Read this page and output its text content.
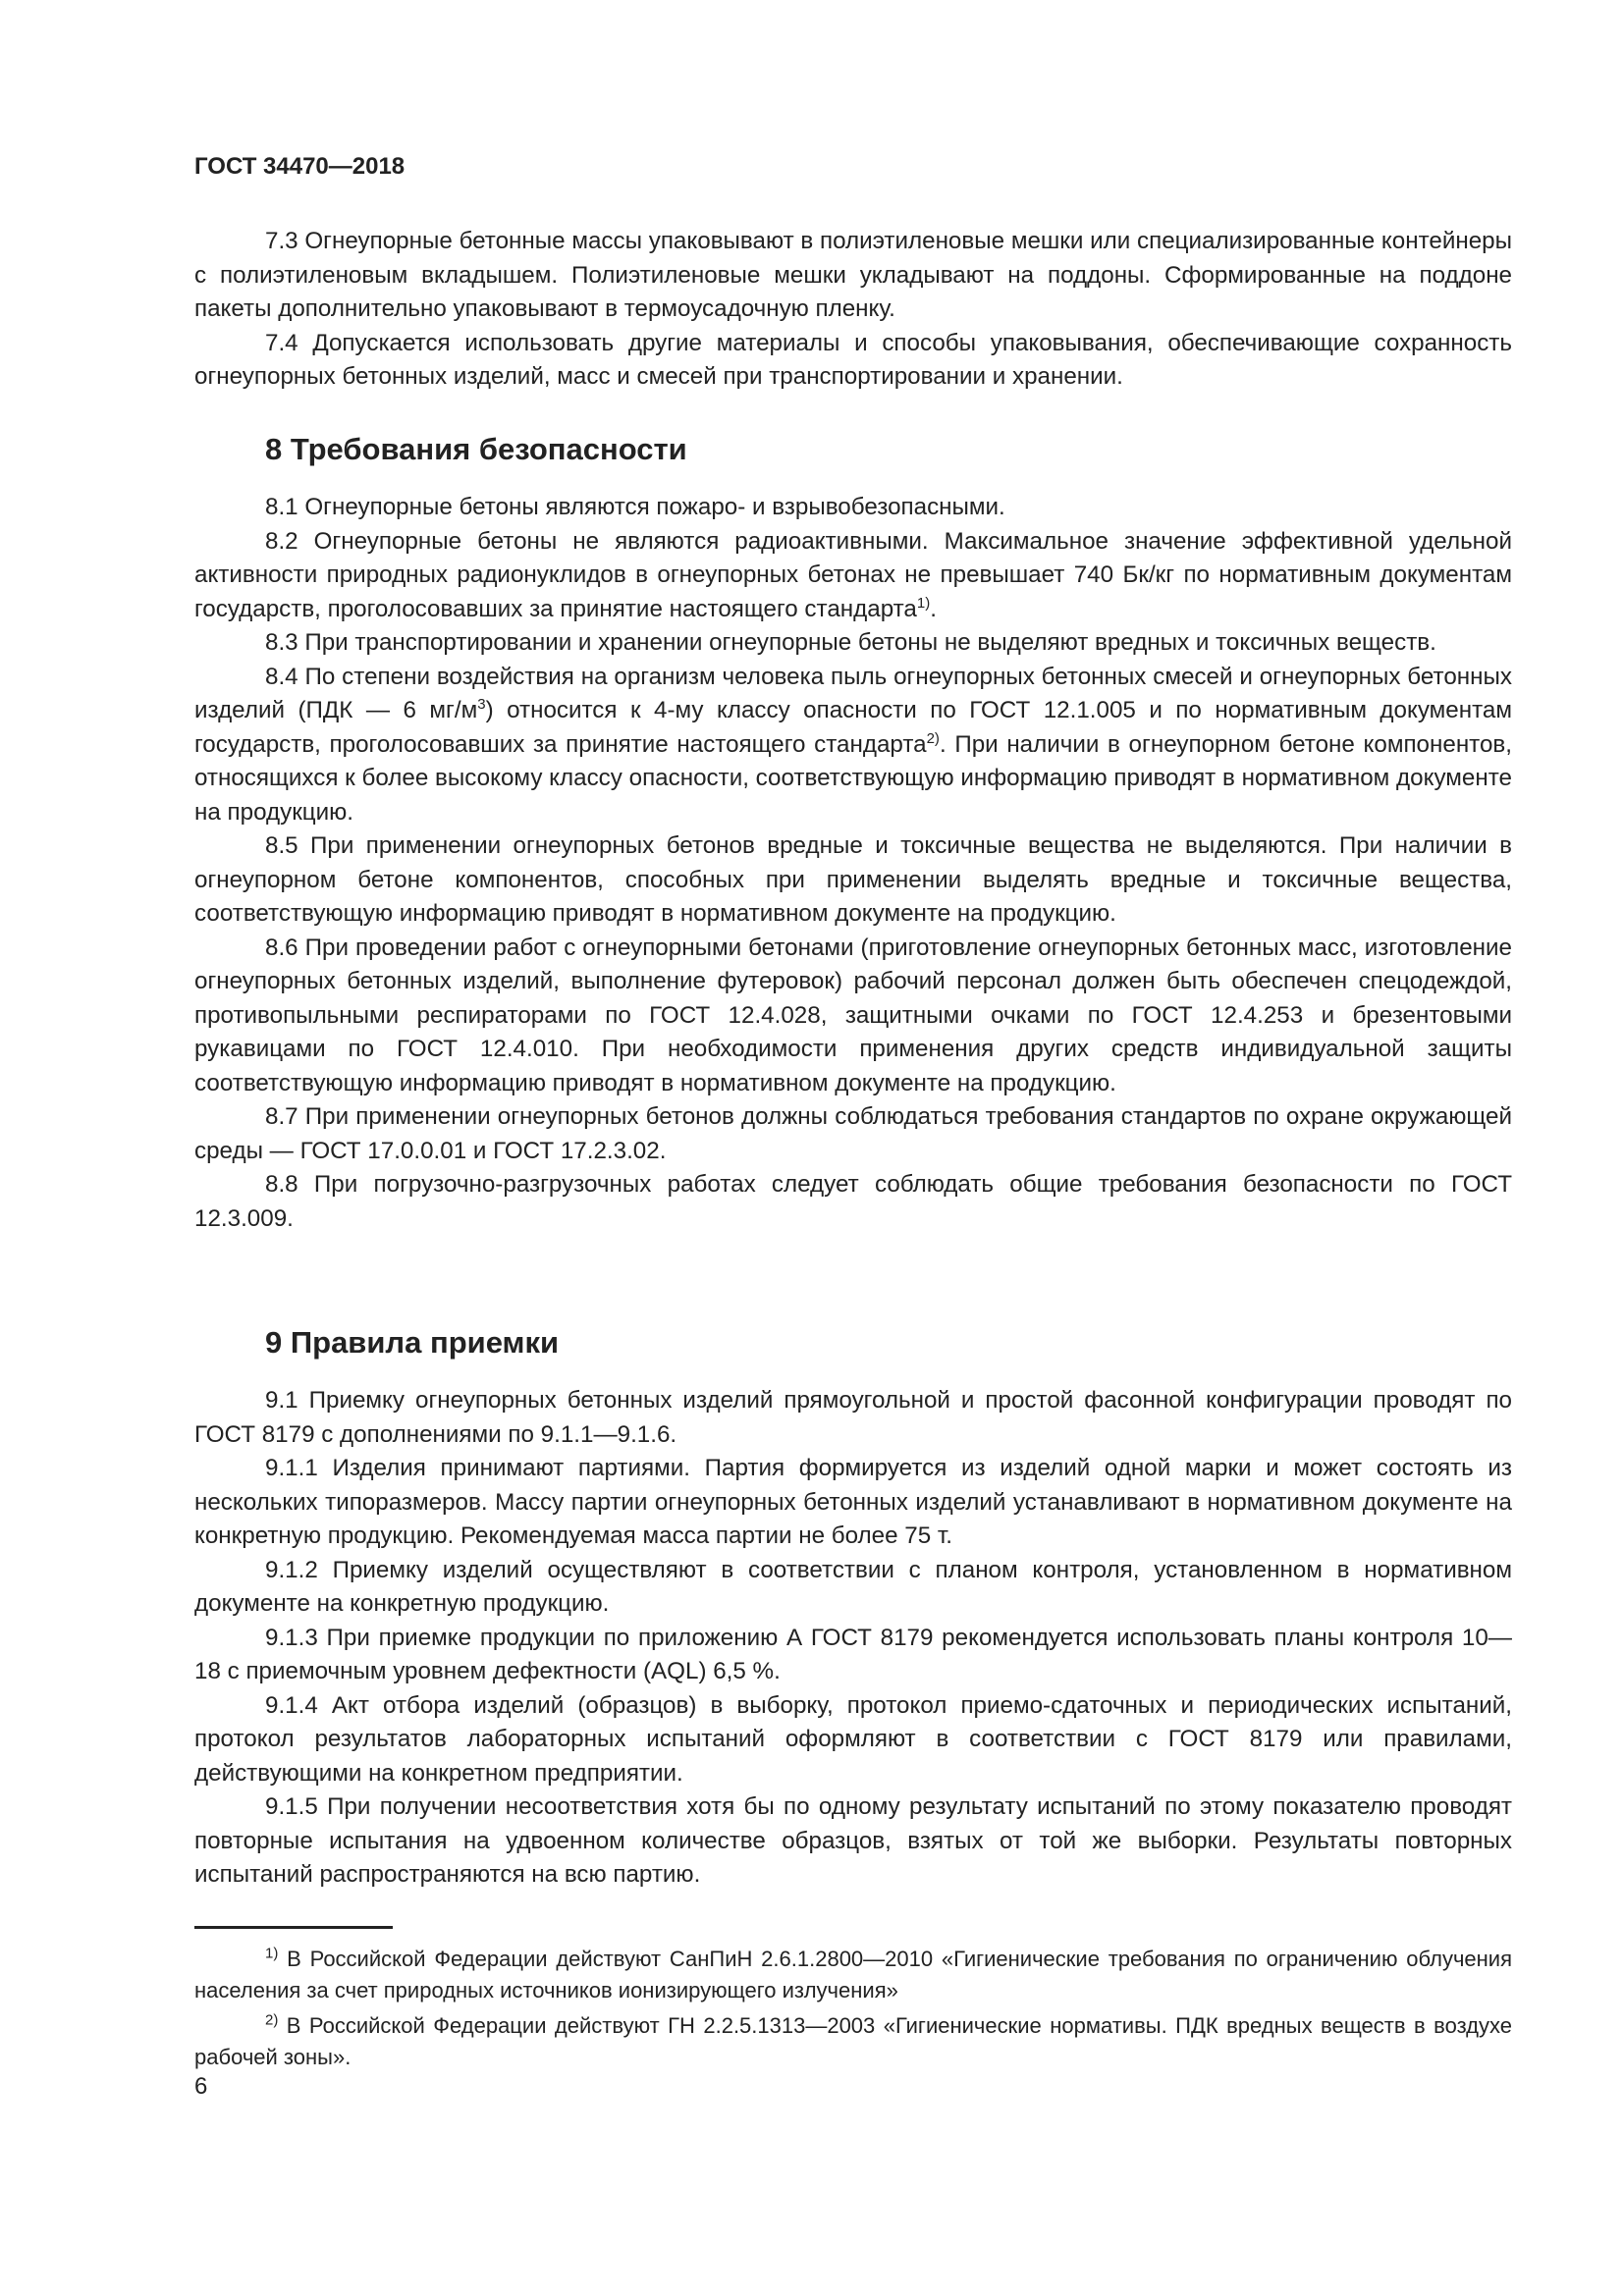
ГОСТ 34470—2018

7.3 Огнеупорные бетонные массы упаковывают в полиэтиленовые мешки или специализированные контейнеры с полиэтиленовым вкладышем. Полиэтиленовые мешки укладывают на поддоны. Сформированные на поддоне пакеты дополнительно упаковывают в термоусадочную пленку.

7.4 Допускается использовать другие материалы и способы упаковывания, обеспечивающие сохранность огнеупорных бетонных изделий, масс и смесей при транспортировании и хранении.

8 Требования безопасности

8.1 Огнеупорные бетоны являются пожаро- и взрывобезопасными.

8.2 Огнеупорные бетоны не являются радиоактивными. Максимальное значение эффективной удельной активности природных радионуклидов в огнеупорных бетонах не превышает 740 Бк/кг по нормативным документам государств, проголосовавших за принятие настоящего стандарта$^{1)}$.

8.3 При транспортировании и хранении огнеупорные бетоны не выделяют вредных и токсичных веществ.

8.4 По степени воздействия на организм человека пыль огнеупорных бетонных смесей и огнеупорных бетонных изделий (ПДК — 6 $мг/м^3$) относится к 4-му классу опасности по ГОСТ 12.1.005 и по нормативным документам государств, проголосовавших за принятие настоящего стандарта$^{2)}$. При наличии в огнеупорном бетоне компонентов, относящихся к более высокому классу опасности, соответствующую информацию приводят в нормативном документе на продукцию.

8.5 При применении огнеупорных бетонов вредные и токсичные вещества не выделяются. При наличии в огнеупорном бетоне компонентов, способных при применении выделять вредные и токсичные вещества, соответствующую информацию приводят в нормативном документе на продукцию.

8.6 При проведении работ с огнеупорными бетонами (приготовление огнеупорных бетонных масс, изготовление огнеупорных бетонных изделий, выполнение футеровок) рабочий персонал должен быть обеспечен спецодеждой, противопыльными респираторами по ГОСТ 12.4.028, защитными очками по ГОСТ 12.4.253 и брезентовыми рукавицами по ГОСТ 12.4.010. При необходимости применения других средств индивидуальной защиты соответствующую информацию приводят в нормативном документе на продукцию.

8.7 При применении огнеупорных бетонов должны соблюдаться требования стандартов по охране окружающей среды — ГОСТ 17.0.0.01 и ГОСТ 17.2.3.02.

8.8 При погрузочно-разгрузочных работах следует соблюдать общие требования безопасности по ГОСТ 12.3.009.

9 Правила приемки

9.1 Приемку огнеупорных бетонных изделий прямоугольной и простой фасонной конфигурации проводят по ГОСТ 8179 с дополнениями по 9.1.1—9.1.6.

9.1.1 Изделия принимают партиями. Партия формируется из изделий одной марки и может состоять из нескольких типоразмеров. Массу партии огнеупорных бетонных изделий устанавливают в нормативном документе на конкретную продукцию. Рекомендуемая масса партии не более 75 т.

9.1.2 Приемку изделий осуществляют в соответствии с планом контроля, установленном в нормативном документе на конкретную продукцию.

9.1.3 При приемке продукции по приложению А ГОСТ 8179 рекомендуется использовать планы контроля 10—18 с приемочным уровнем дефектности (AQL) 6,5 %.

9.1.4 Акт отбора изделий (образцов) в выборку, протокол приемо-сдаточных и периодических испытаний, протокол результатов лабораторных испытаний оформляют в соответствии с ГОСТ 8179 или правилами, действующими на конкретном предприятии.

9.1.5 При получении несоответствия хотя бы по одному результату испытаний по этому показателю проводят повторные испытания на удвоенном количестве образцов, взятых от той же выборки. Результаты повторных испытаний распространяются на всю партию.

$^{1)}$ В Российской Федерации действуют СанПиН 2.6.1.2800—2010 «Гигиенические требования по ограничению облучения населения за счет природных источников ионизирующего излучения»

$^{2)}$ В Российской Федерации действуют ГН 2.2.5.1313—2003 «Гигиенические нормативы. ПДК вредных веществ в воздухе рабочей зоны».

6
